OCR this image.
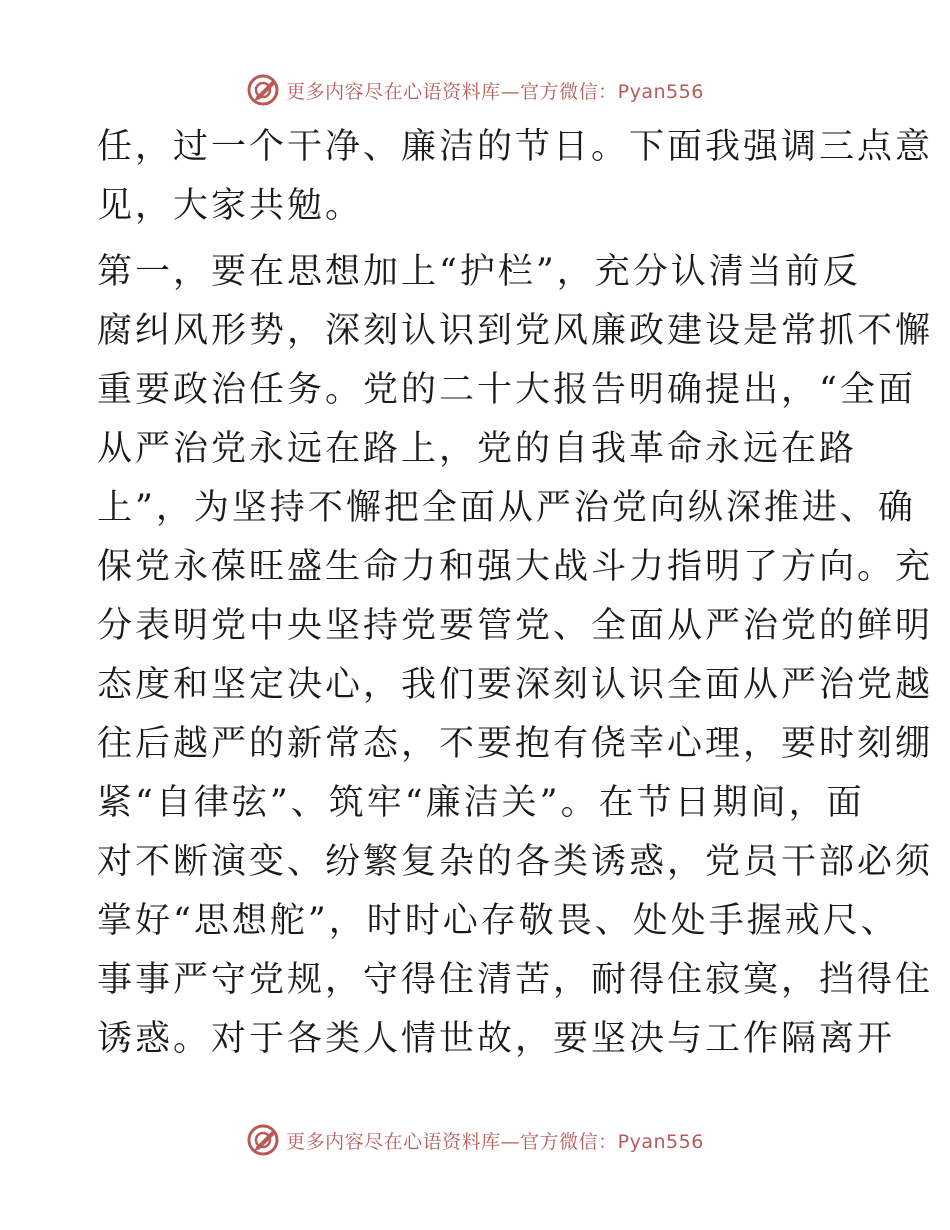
更多内容尽在心语资料库—官方微信：Pyan556
任，过一个干净、廉洁的节日。下面我强调三点意
见，大家共勉。
第一，要在思想加上“护栏”，充分认清当前反
腐纠风形势，深刻认识到党风廉政建设是常抓不懈
重要政治任务。党的二十大报告明确提出，“全面
从严治党永远在路上，党的自我革命永远在路
上”，为坚持不懈把全面从严治党向纵深推进、确
保党永葆旺盛生命力和强大战斗力指明了方向。充
分表明党中央坚持党要管党、全面从严治党的鲜明
态度和坚定决心，我们要深刻认识全面从严治党越
往后越严的新常态，不要抱有侥幸心理，要时刻绷
紧“自律弦”、筑牢“廉洁关”。在节日期间，面
对不断演变、纷繁复杂的各类诱惑，党员干部必须
掌好“思想舵”，时时心存敬畏、处处手握戒尺、
事事严守党规，守得住清苦，耐得住寂寞，挡得住
诱惑。对于各类人情世故，要坚决与工作隔离开
更多内容尽在心语资料库—官方微信：Pyan556
